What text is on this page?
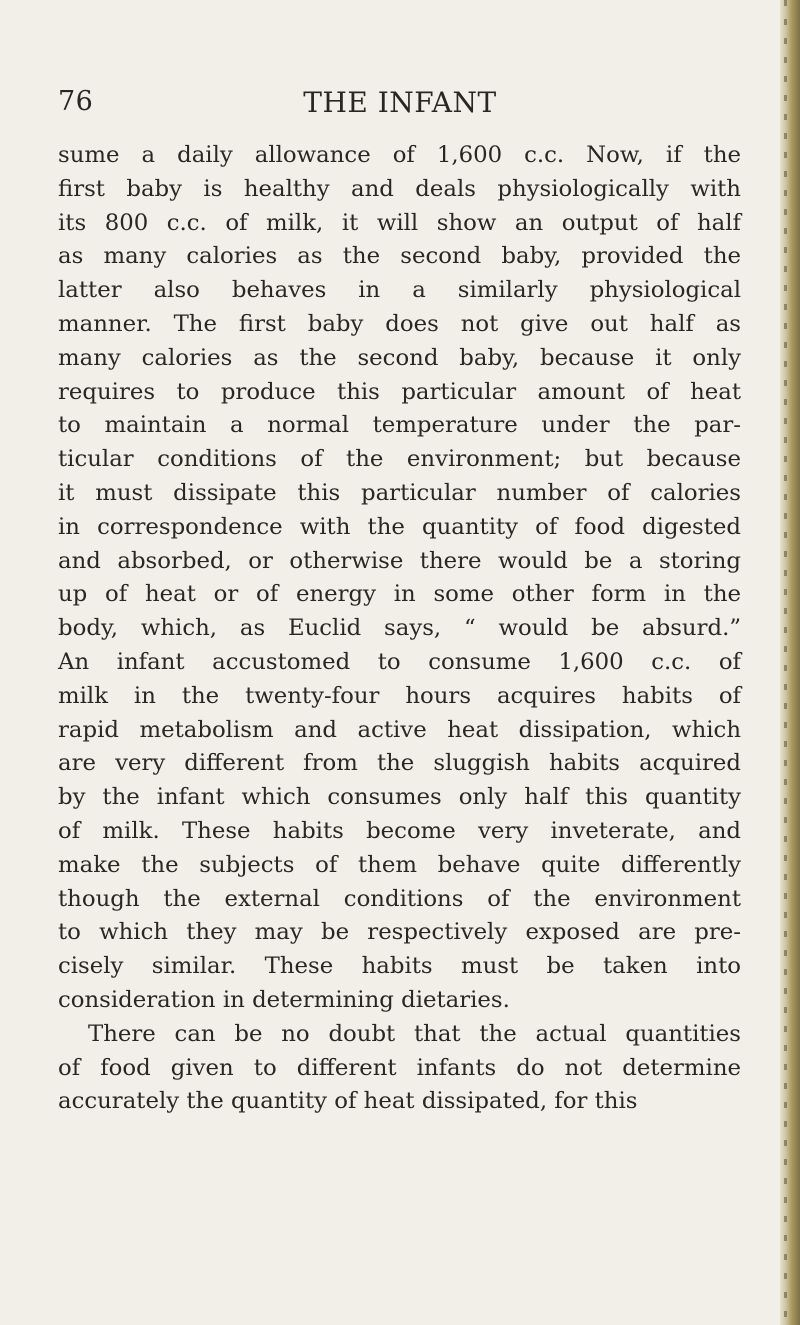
76	THE INFANT
sume a daily allowance of 1,600 c.c. Now, if the
first baby is healthy and deals physiologically with
its 800 c.c. of milk, it will show an output of half
as many calories as the second baby, provided the
latter also behaves in a similarly physiological
manner. The first baby does not give out half as
many calories as the second baby, because it only
requires to produce this particular amount of heat
to maintain a normal temperature under the par-
ticular conditions of the environment; but because
it must dissipate this particular number of calories
in correspondence with the quantity of food digested
and absorbed, or otherwise there would be a storing
up of heat or of energy in some other form in the
body, which, as Euclid says, “ would be absurd.”
An infant accustomed to consume 1,600 c.c. of
milk in the twenty-four hours acquires habits of
rapid metabolism and active heat dissipation, which
are very different from the sluggish habits acquired
by the infant which consumes only half this quantity
of milk. These habits become very inveterate, and
make the subjects of them behave quite differently
though the external conditions of the environment
to which they may be respectively exposed are pre-
cisely similar. These habits must be taken into
consideration in determining dietaries.
There can be no doubt that the actual quantities
of food given to different infants do not determine
accurately the quantity of heat dissipated, for this
